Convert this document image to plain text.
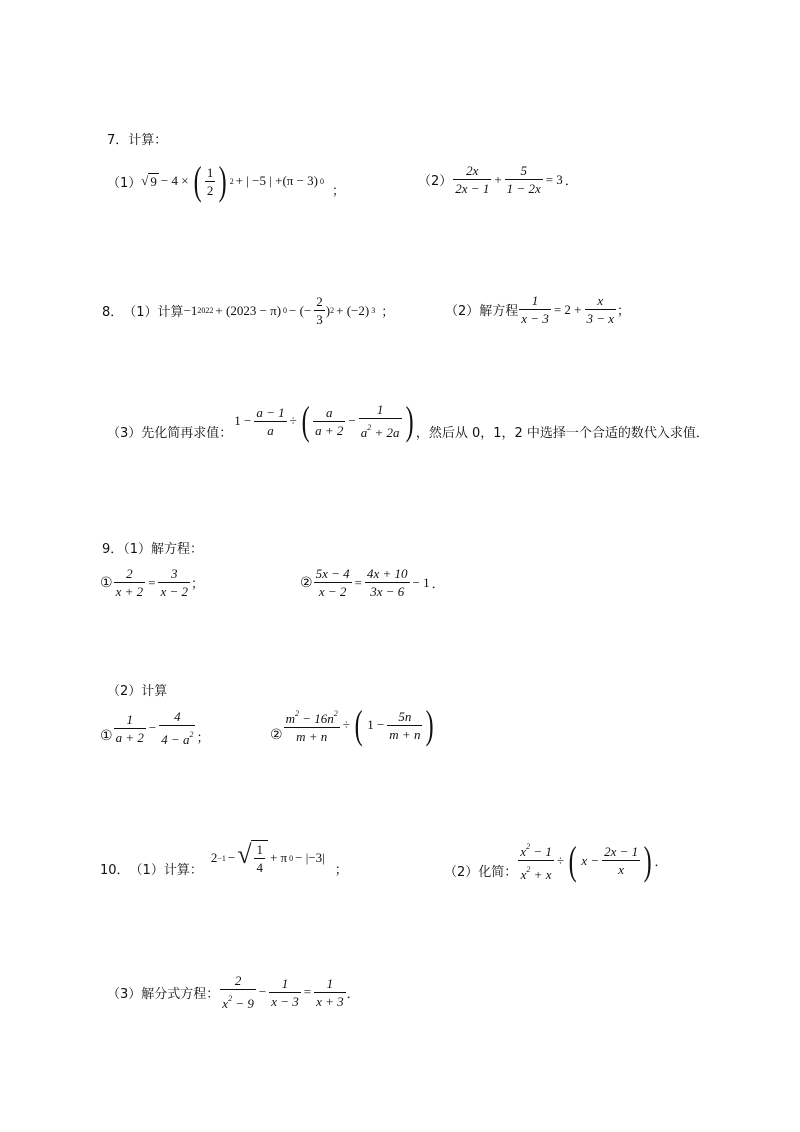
7．计算：
（1） √ 9 − 4 × ( 1
2 ) 2 + | −5 | +(π − 3) 0
；
（2）
2x
2x − 1
+ $\frac{5}{1 - 2x} = 3$ ．
8． （1）计算 −1 2022 + (2023 − π) 0 − (− $\frac{2}{3}$ ) 2 + (−2) 3 ；	（2）解方程 $\frac{1}{x - 3} = 2 + \frac{x}{3 - x}$ ；
（3）先化简再求值：
$1 - \frac{a - 1}{a}$ ÷ (	a
a + 2
− $\frac{1}{a^2 + 2a}$ ) ，然后从 0，1，2 中选择一个合适的数代入求值．
9．（1）解方程：
① $\frac{2}{x + 2} = \frac{3}{x - 2}$ ；	② $\frac{5x - 4}{x - 2} = \frac{4x + 10}{3x - 6} - 1$ ．
（2）计算
①
1
a + 2
− $\frac{4}{4 - a^2}$ ；	② $\frac{m^2 - 16n^2}{m + n}$ ÷ ( $1 - \frac{5n}{m + n}$ )
10． （1）计算：
2 −1 − √ $\frac{1}{4} + \pi$ 0 − |−3|
；	（2）化简： $\frac{x^2 - 1}{x^2 + x}$ ÷ ( $x - \frac{2x - 1}{x}$ ) ．
（3）解分式方程：
2
$x^2 - 9$
− $\frac{1}{x - 3} = \frac{1}{x + 3}$ ．
